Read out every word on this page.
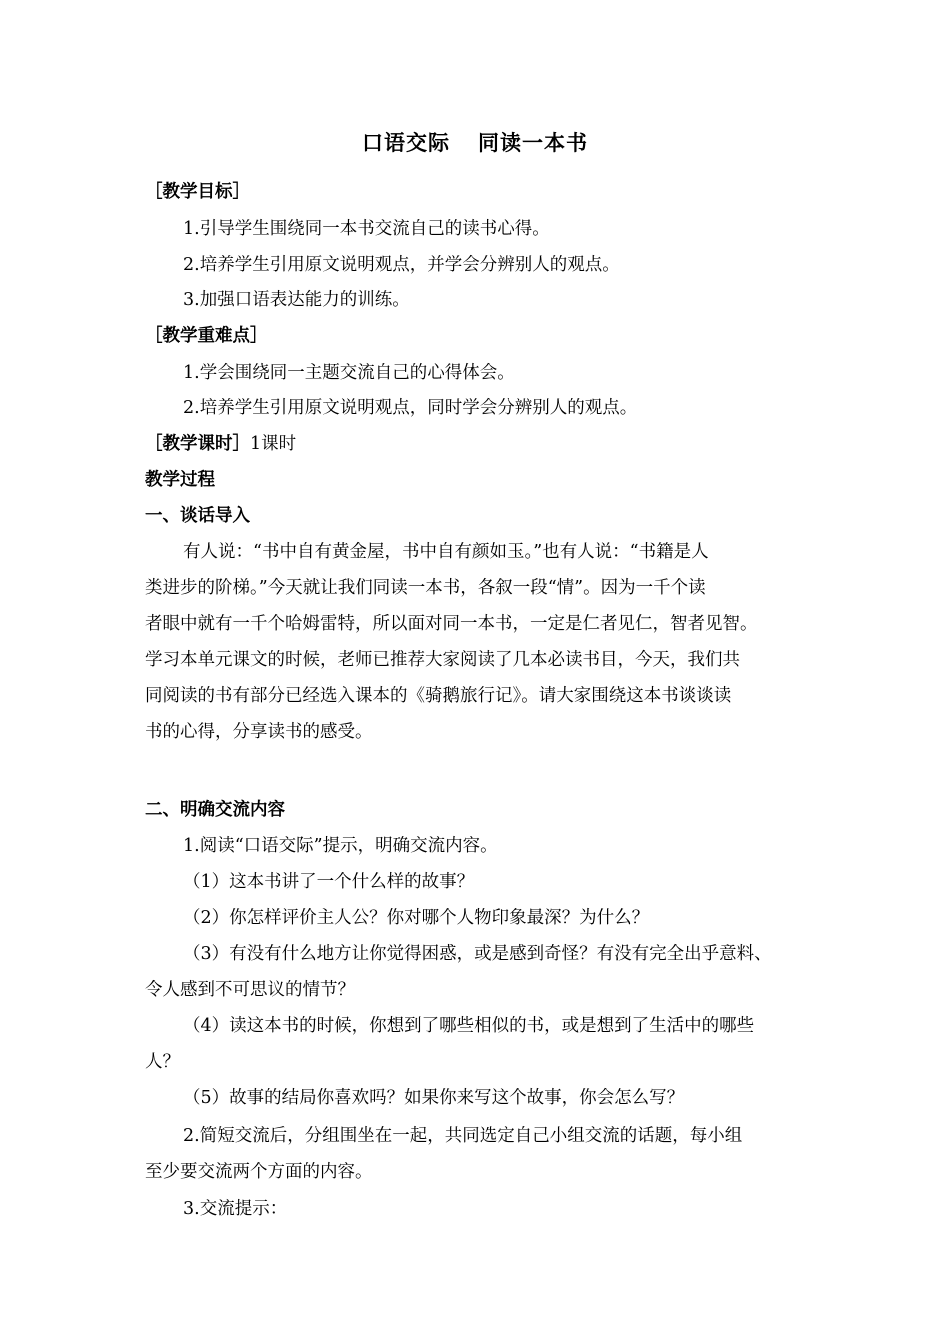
口语交际 同读一本书
［教学目标］
1.引导学生围绕同一本书交流自己的读书心得。
2.培养学生引用原文说明观点，并学会分辨别人的观点。
3.加强口语表达能力的训练。
［教学重难点］
1.学会围绕同一主题交流自己的心得体会。
2.培养学生引用原文说明观点，同时学会分辨别人的观点。
［教学课时］1课时
教学过程
一、谈话导入
有人说：“书中自有黄金屋，书中自有颜如玉。”也有人说：“书籍是人
类进步的阶梯。”今天就让我们同读一本书，各叙一段“情”。因为一千个读
者眼中就有一千个哈姆雷特，所以面对同一本书，一定是仁者见仁，智者见智。
学习本单元课文的时候，老师已推荐大家阅读了几本必读书目，今天，我们共
同阅读的书有部分已经选入课本的《骑鹅旅行记》。请大家围绕这本书谈谈读
书的心得，分享读书的感受。
二、明确交流内容
1.阅读“口语交际”提示，明确交流内容。
（1）这本书讲了一个什么样的故事？
（2）你怎样评价主人公？你对哪个人物印象最深？为什么？
（3）有没有什么地方让你觉得困惑，或是感到奇怪？有没有完全出乎意料、
令人感到不可思议的情节？
（4）读这本书的时候，你想到了哪些相似的书，或是想到了生活中的哪些
人？
（5）故事的结局你喜欢吗？如果你来写这个故事，你会怎么写？
2.简短交流后，分组围坐在一起，共同选定自己小组交流的话题，每小组
至少要交流两个方面的内容。
3.交流提示：
